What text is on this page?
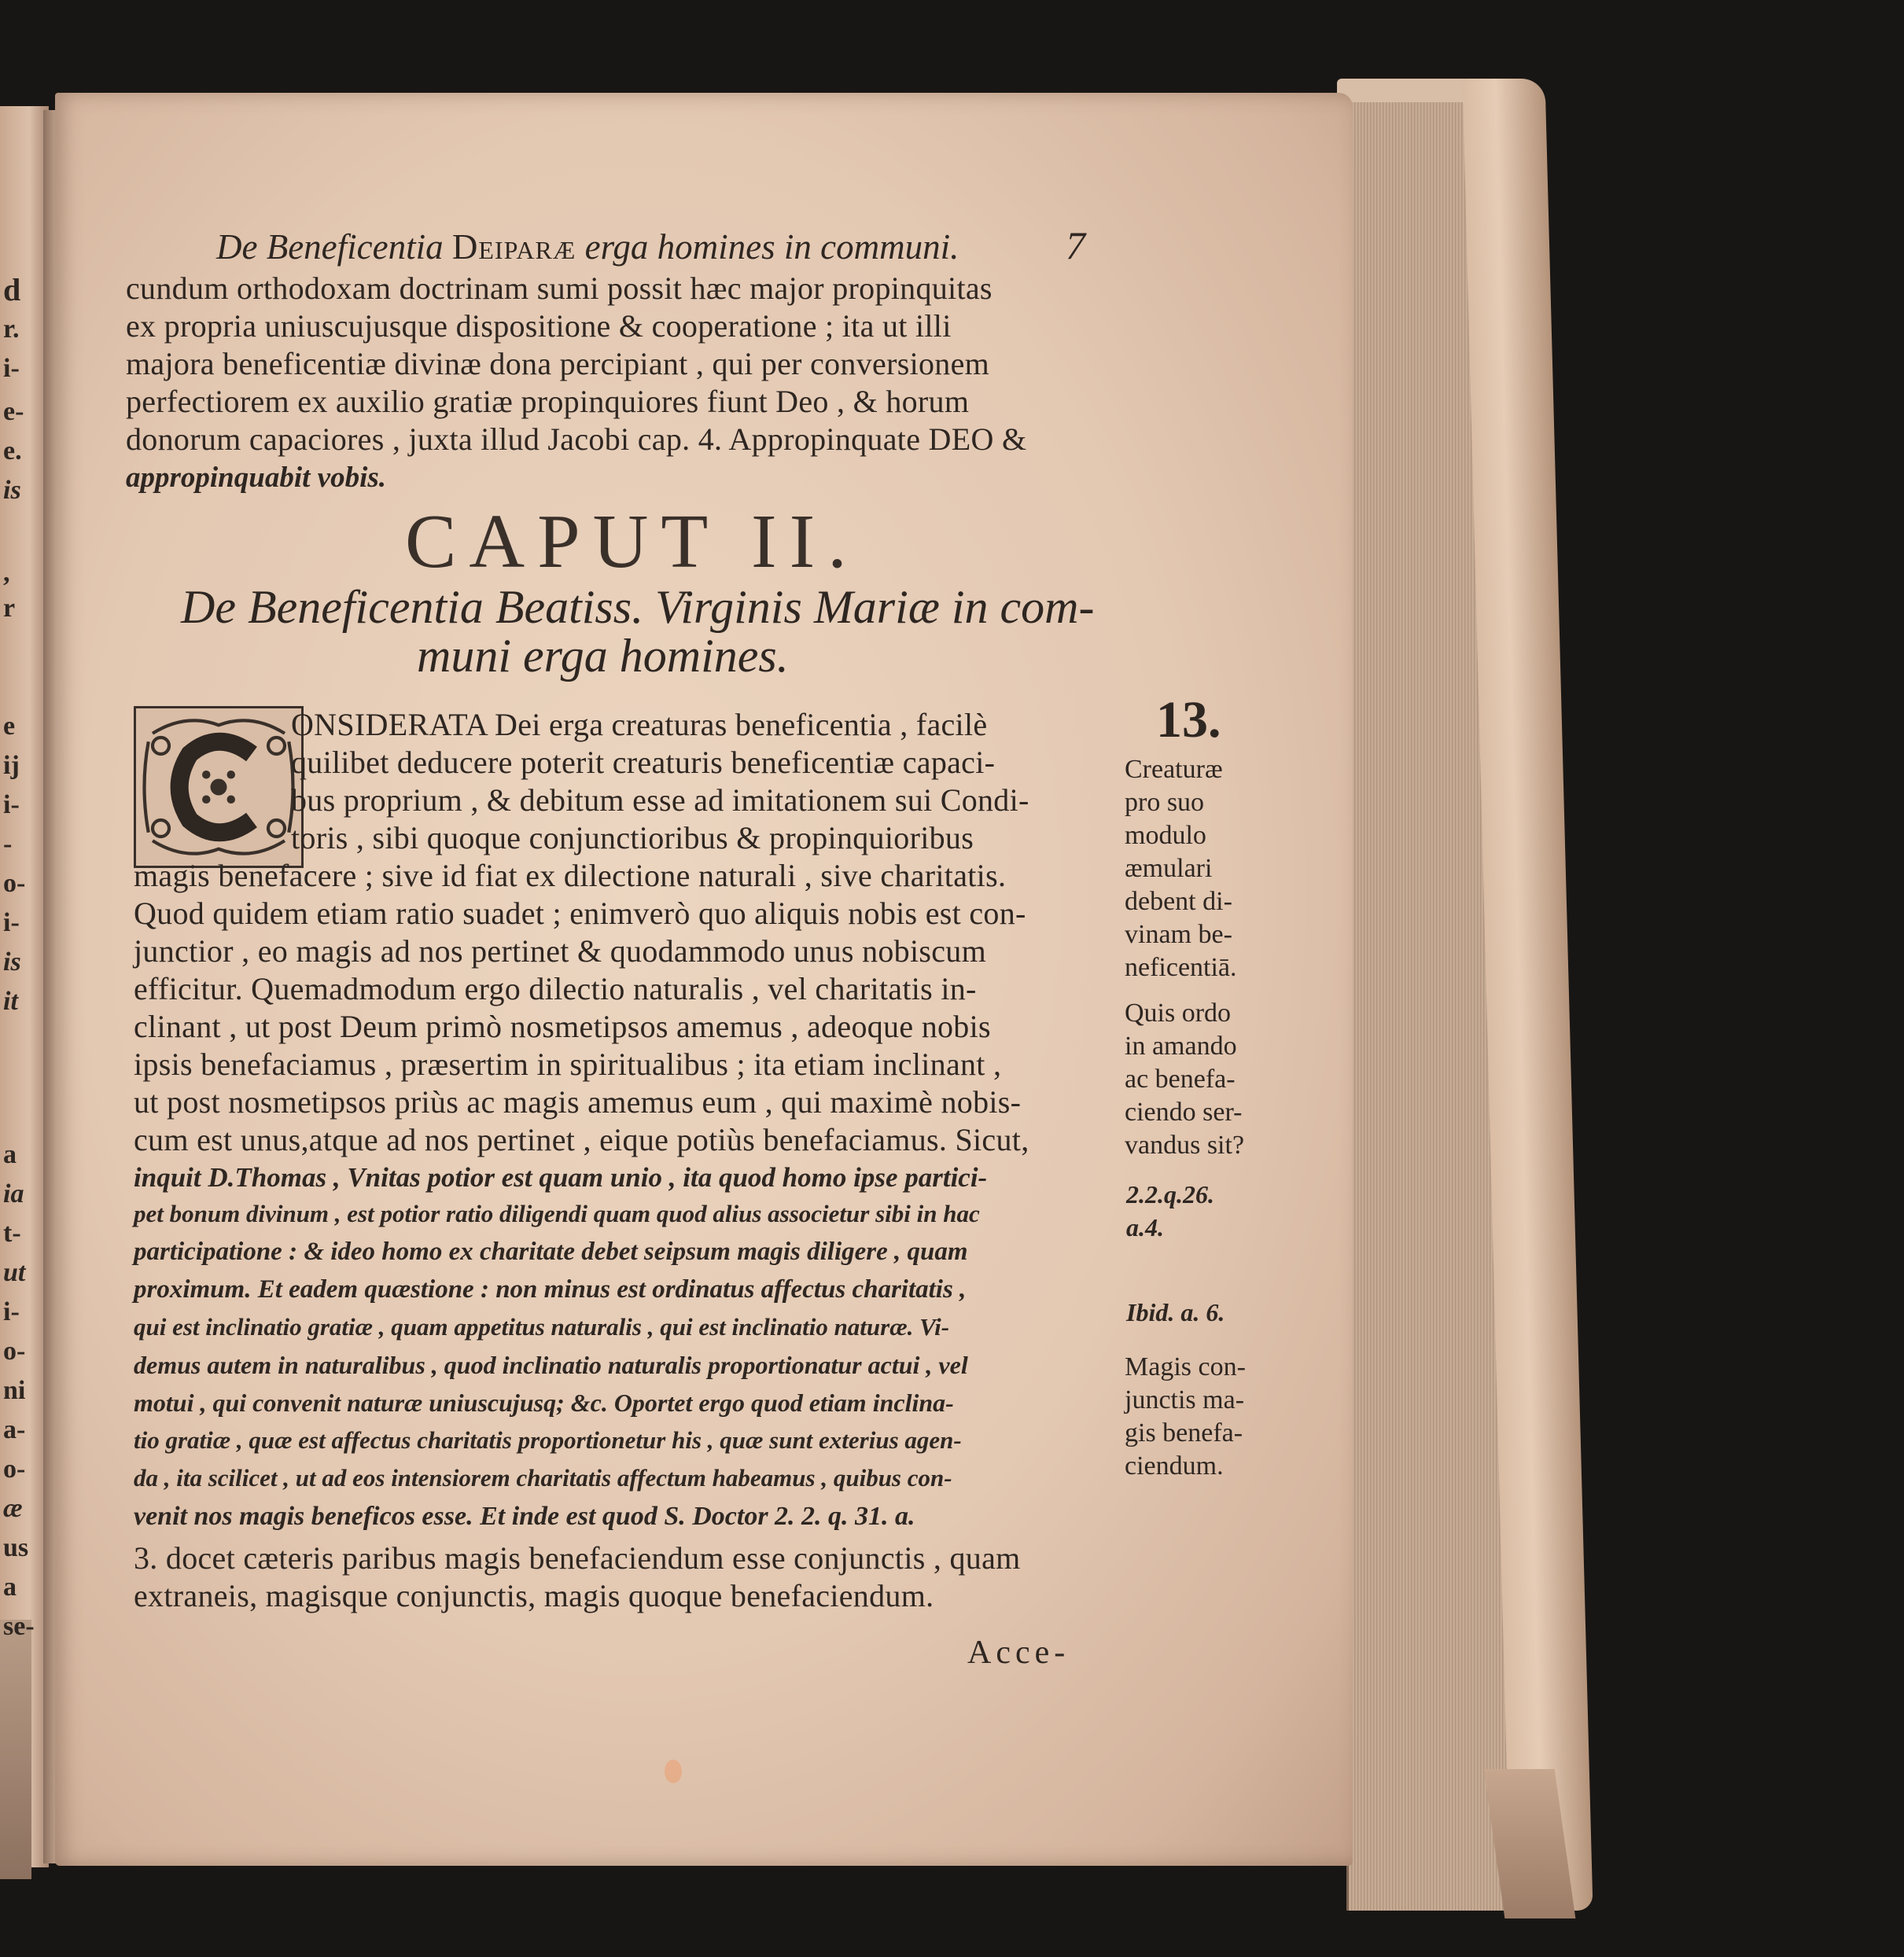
d
r.
i-
e-
e.
is
,
r
e
ij
i-
-
o-
i-
is
it
a
ia
t-
ut
i-
o-
ni
a-
o-
æ
us
a
se-
De Beneficentia Deiparæ erga homines in communi.	7
cundum orthodoxam doctrinam sumi possit hæc major propinquitas
ex propria uniuscujusque dispositione & cooperatione ; ita ut illi
majora beneficentiæ divinæ dona percipiant , qui per conversionem
perfectiorem ex auxilio gratiæ propinquiores fiunt Deo , & horum
donorum capaciores , juxta illud Jacobi cap. 4. Appropinquate DEO &
appropinquabit vobis.
CAPUT II.
De Beneficentia Beatiss. Virginis Mariæ in com-
muni erga homines.
ONSIDERATA Dei erga creaturas beneficentia , facilè
quilibet deducere poterit creaturis beneficentiæ capaci-
bus proprium , & debitum esse ad imitationem sui Condi-
toris , sibi quoque conjunctioribus & propinquioribus
magis benefacere ; sive id fiat ex dilectione naturali , sive charitatis.
Quod quidem etiam ratio suadet ; enimverò quo aliquis nobis est con-
junctior , eo magis ad nos pertinet & quodammodo unus nobiscum
efficitur. Quemadmodum ergo dilectio naturalis , vel charitatis in-
clinant , ut post Deum primò nosmetipsos amemus , adeoque nobis
ipsis benefaciamus , præsertim in spiritualibus ; ita etiam inclinant ,
ut post nosmetipsos priùs ac magis amemus eum , qui maximè nobis-
cum est unus,atque ad nos pertinet , eique potiùs benefaciamus. Sicut,
inquit D.Thomas , Vnitas potior est quam unio , ita quod homo ipse partici-
pet bonum divinum , est potior ratio diligendi quam quod alius associetur sibi in hac
participatione : & ideo homo ex charitate debet seipsum magis diligere , quam
proximum. Et eadem quæstione : non minus est ordinatus affectus charitatis ,
qui est inclinatio gratiæ , quam appetitus naturalis , qui est inclinatio naturæ. Vi-
demus autem in naturalibus , quod inclinatio naturalis proportionatur actui , vel
motui , qui convenit naturæ uniuscujusq; &c. Oportet ergo quod etiam inclina-
tio gratiæ , quæ est affectus charitatis proportionetur his , quæ sunt exterius agen-
da , ita scilicet , ut ad eos intensiorem charitatis affectum habeamus , quibus con-
venit nos magis beneficos esse. Et inde est quod S. Doctor 2. 2. q. 31. a.
3. docet cæteris paribus magis benefaciendum esse conjunctis , quam
extraneis, magisque conjunctis, magis quoque benefaciendum.
Acce-
13.
Creaturæ
pro suo
modulo
æmulari
debent di-
vinam be-
neficentiā.
Quis ordo
in amando
ac benefa-
ciendo ser-
vandus sit?
2.2.q.26.
a.4.
Ibid. a. 6.
Magis con-
junctis ma-
gis benefa-
ciendum.
